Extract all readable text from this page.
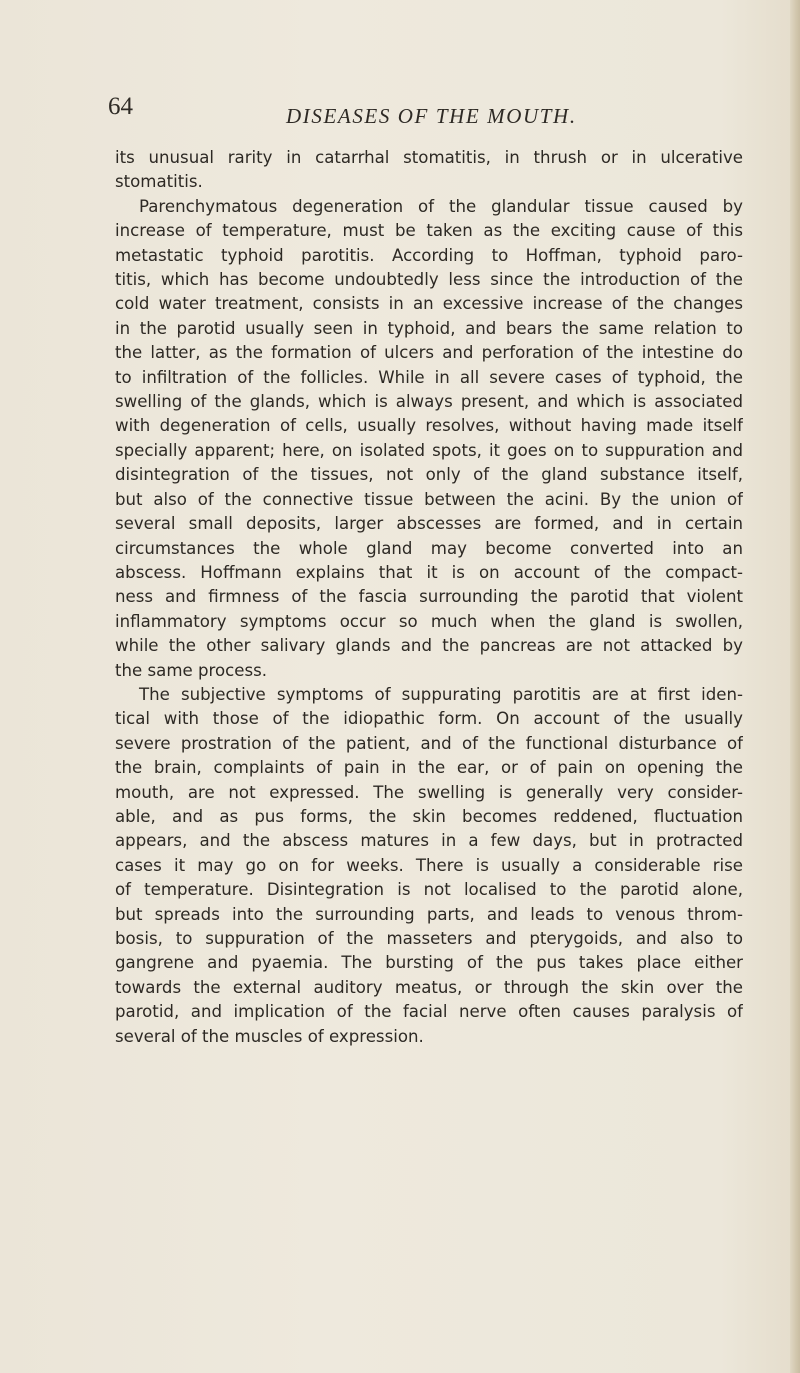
64	DISEASES OF THE MOUTH.
its unusual rarity in catarrhal stomatitis, in thrush or in ulcerative
stomatitis.
Parenchymatous degeneration of the glandular tissue caused by
increase of temperature, must be taken as the exciting cause of this
metastatic typhoid parotitis. According to Hoffman, typhoid paro-
titis, which has become undoubtedly less since the introduction of the
cold water treatment, consists in an excessive increase of the changes
in the parotid usually seen in typhoid, and bears the same relation to
the latter, as the formation of ulcers and perforation of the intestine do
to infiltration of the follicles. While in all severe cases of typhoid, the
swelling of the glands, which is always present, and which is associated
with degeneration of cells, usually resolves, without having made itself
specially apparent; here, on isolated spots, it goes on to suppuration and
disintegration of the tissues, not only of the gland substance itself,
but also of the connective tissue between the acini. By the union of
several small deposits, larger abscesses are formed, and in certain
circumstances the whole gland may become converted into an
abscess. Hoffmann explains that it is on account of the compact-
ness and firmness of the fascia surrounding the parotid that violent
inflammatory symptoms occur so much when the gland is swollen,
while the other salivary glands and the pancreas are not attacked by
the same process.
The subjective symptoms of suppurating parotitis are at first iden-
tical with those of the idiopathic form. On account of the usually
severe prostration of the patient, and of the functional disturbance of
the brain, complaints of pain in the ear, or of pain on opening the
mouth, are not expressed. The swelling is generally very consider-
able, and as pus forms, the skin becomes reddened, fluctuation
appears, and the abscess matures in a few days, but in protracted
cases it may go on for weeks. There is usually a considerable rise
of temperature. Disintegration is not localised to the parotid alone,
but spreads into the surrounding parts, and leads to venous throm-
bosis, to suppuration of the masseters and pterygoids, and also to
gangrene and pyaemia. The bursting of the pus takes place either
towards the external auditory meatus, or through the skin over the
parotid, and implication of the facial nerve often causes paralysis of
several of the muscles of expression.
